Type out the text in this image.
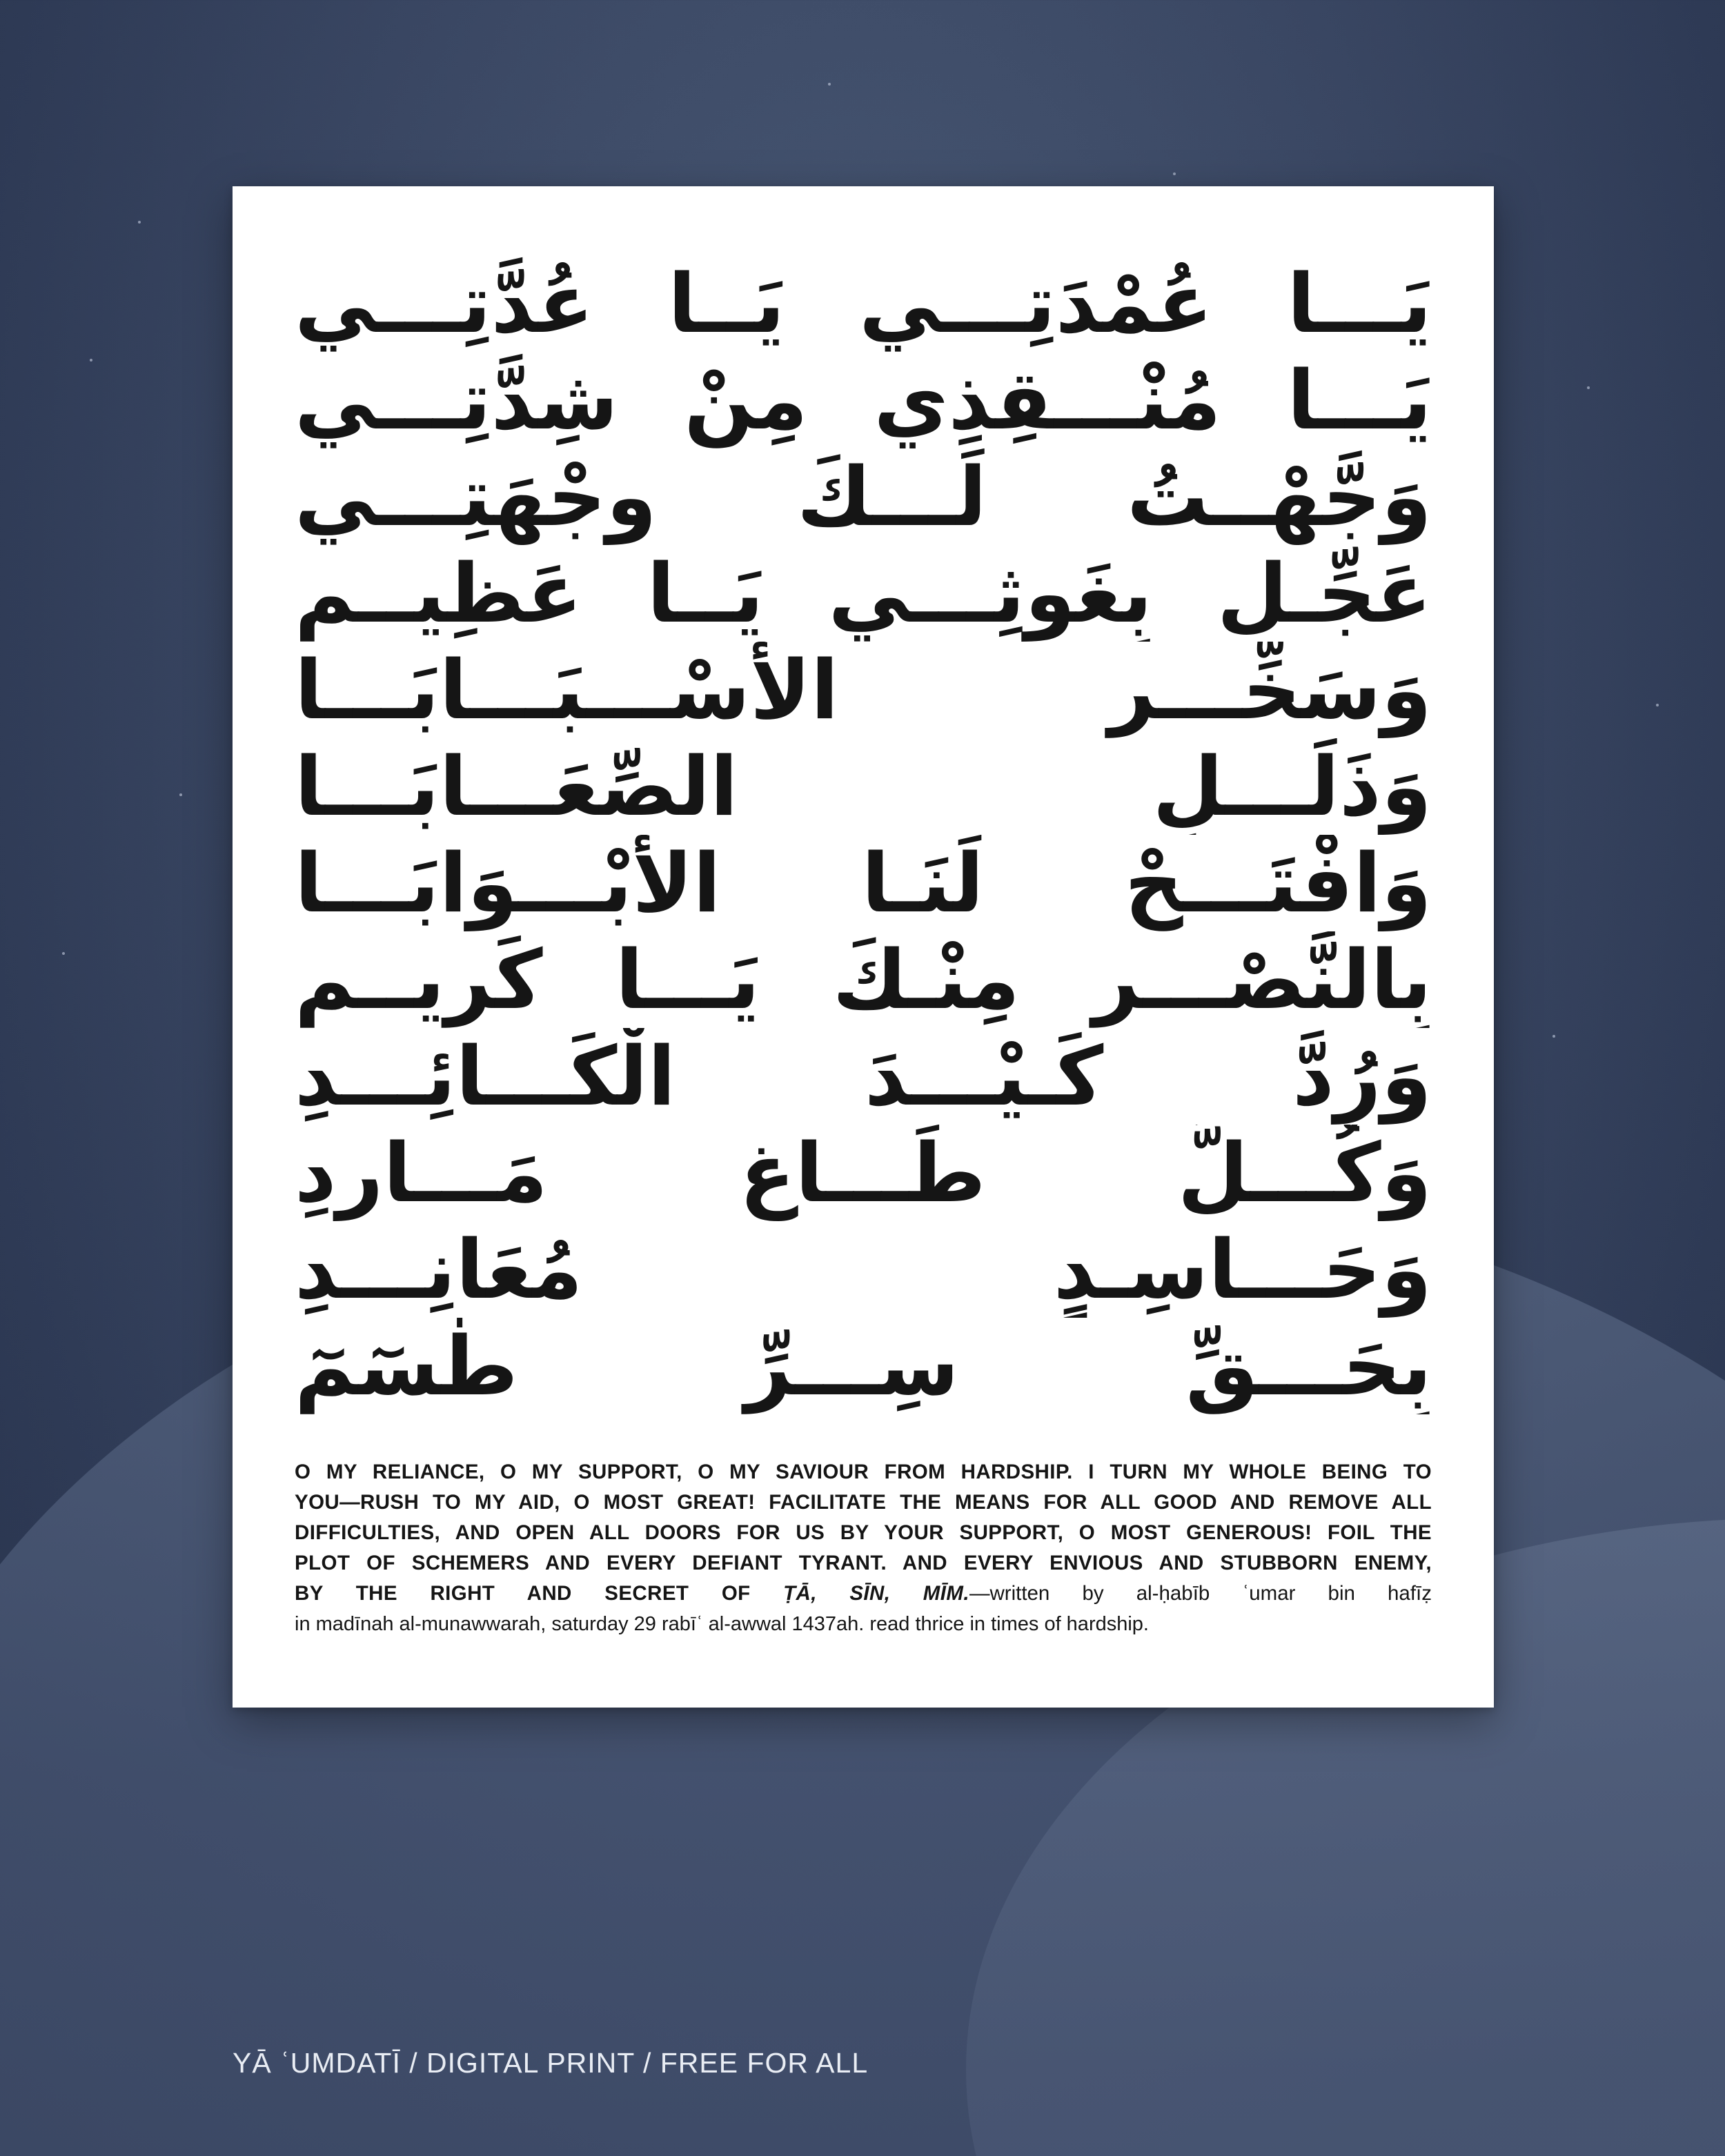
يَـــا عُمْدَتِـــي يَــا عُدَّتِـــي
يَـــا مُنْـــقِذِي مِنْ شِدَّتِـــي
وَجَّهْــتُ لَـــكَ وِجْهَتِـــي
عَجِّـل بِغَوثِـــي يَــا عَظِيــم
وَسَخِّـــرِ الأَسْـــبَـــابَـــا
وَذَلِّـــلِ الصِّعَـــابَـــا
وَافْتَـــحْ لَنَـا الأَبْـــوَابَـــا
بِالنَّصْـــرِ مِنْـكَ يَـــا كَرِيــم
وَرُدَّ كَـيْـــدَ الْكَـــائِـــدِ
وَكُـــلَّ طَـــاغٍ مَـــارِدِ
وَحَـــاسِـدٍ مُعَانِـــدِ
بِحَـــقِّ سِـــرِّ طٰسٓمٓ

O MY RELIANCE, O MY SUPPORT, O MY SAVIOUR FROM HARDSHIP. I TURN MY WHOLE BEING TO

YOU—RUSH TO MY AID, O MOST GREAT! FACILITATE THE MEANS FOR ALL GOOD AND REMOVE ALL

DIFFICULTIES, AND OPEN ALL DOORS FOR US BY YOUR SUPPORT, O MOST GENEROUS! FOIL THE

PLOT OF SCHEMERS AND EVERY DEFIANT TYRANT. AND EVERY ENVIOUS AND STUBBORN ENEMY,

BY THE RIGHT AND SECRET OF ṬĀ, SĪN, MĪM.—written by al-ḥabīb ʿumar bin hafīẓ

in madīnah al-munawwarah, saturday 29 rabīʿ al-awwal 1437ah. read thrice in times of hardship.

YĀ ʿUMDATĪ / DIGITAL PRINT / FREE FOR ALL
